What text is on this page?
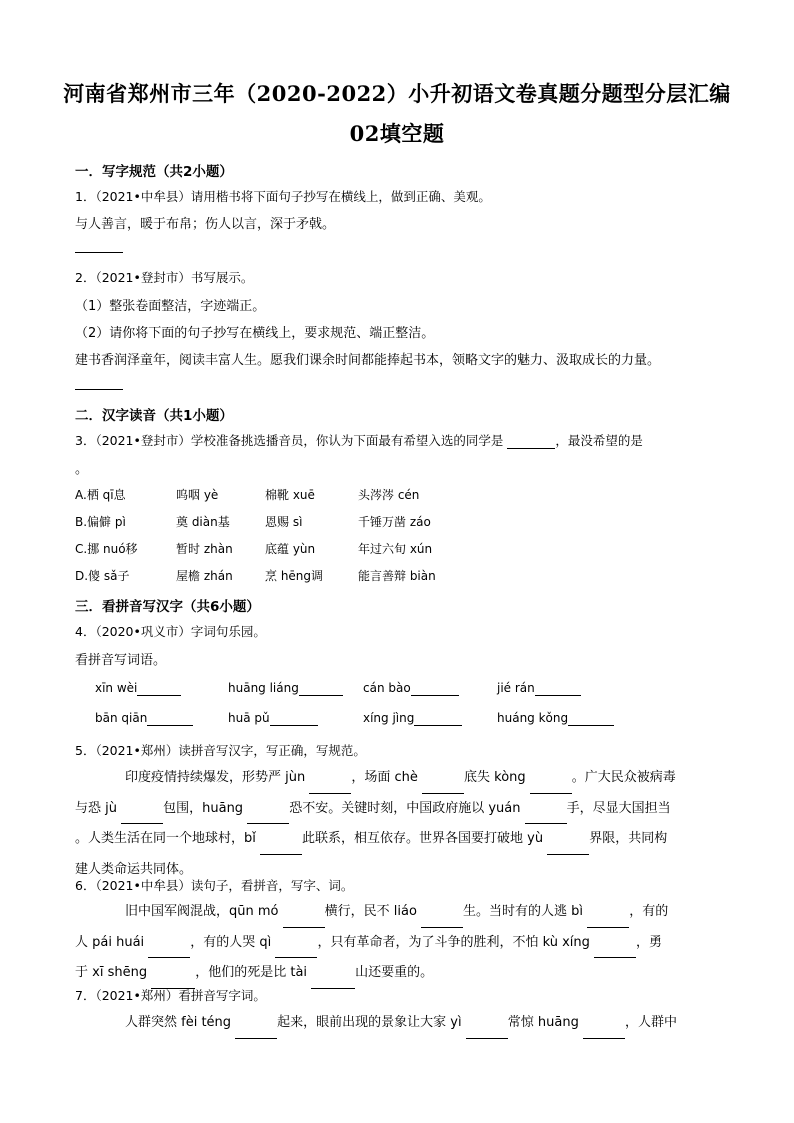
河南省郑州市三年（2020-2022）小升初语文卷真题分题型分层汇编
02填空题
一．写字规范（共2小题）
1．（2021•中牟县）请用楷书将下面句子抄写在横线上，做到正确、美观。
与人善言，暖于布帛；伤人以言，深于矛戟。
2．（2021•登封市）书写展示。
（1）整张卷面整洁，字迹端正。
（2）请你将下面的句子抄写在横线上，要求规范、端正整洁。
建书香润泽童年，阅读丰富人生。愿我们课余时间都能捧起书本，领略文字的魅力、汲取成长的力量。
二．汉字读音（共1小题）
3．（2021•登封市）学校准备挑选播音员，你认为下面最有希望入选的同学是	，最没希望的是
。
A.栖 qī息	呜咽 yè	棉靴 xuē	头涔涔 cén
B.偏僻 pì	奠 diàn基	恩赐 sì	千锤万凿 záo
C.挪 nuó移	暂时 zhàn	底蕴 yùn	年过六旬 xún
D.傻 sǎ子	屋檐 zhán	烹 hēng调	能言善辩 biàn
三．看拼音写汉字（共6小题）
4．（2020•巩义市）字词句乐园。
看拼音写词语。
xīn wèi	huāng liáng	cán bào	jié rán
bān qiān	huā pǔ	xíng jìng	huáng kǒng
5．（2021•郑州）读拼音写汉字，写正确，写规范。
印度疫情持续爆发，形势严 jùn	，场面 chè	底失 kòng	。广大民众被病毒
与恐 jù	包围，huāng	恐不安。关键时刻，中国政府施以 yuán	手，尽显大国担当
。人类生活在同一个地球村，bǐ	此联系，相互依存。世界各国要打破地 yù	界限，共同构
建人类命运共同体。
6．（2021•中牟县）读句子，看拼音，写字、词。
旧中国军阀混战，qūn mó	横行，民不 liáo	生。当时有的人逃 bì	，有的
人 pái huái	，有的人哭 qì	，只有革命者，为了斗争的胜利，不怕 kù xíng	，勇
于 xī shēng	，他们的死是比 tài	山还要重的。
7．（2021•郑州）看拼音写字词。
人群突然 fèi téng	起来，眼前出现的景象让大家 yì	常惊 huāng	，人群中
